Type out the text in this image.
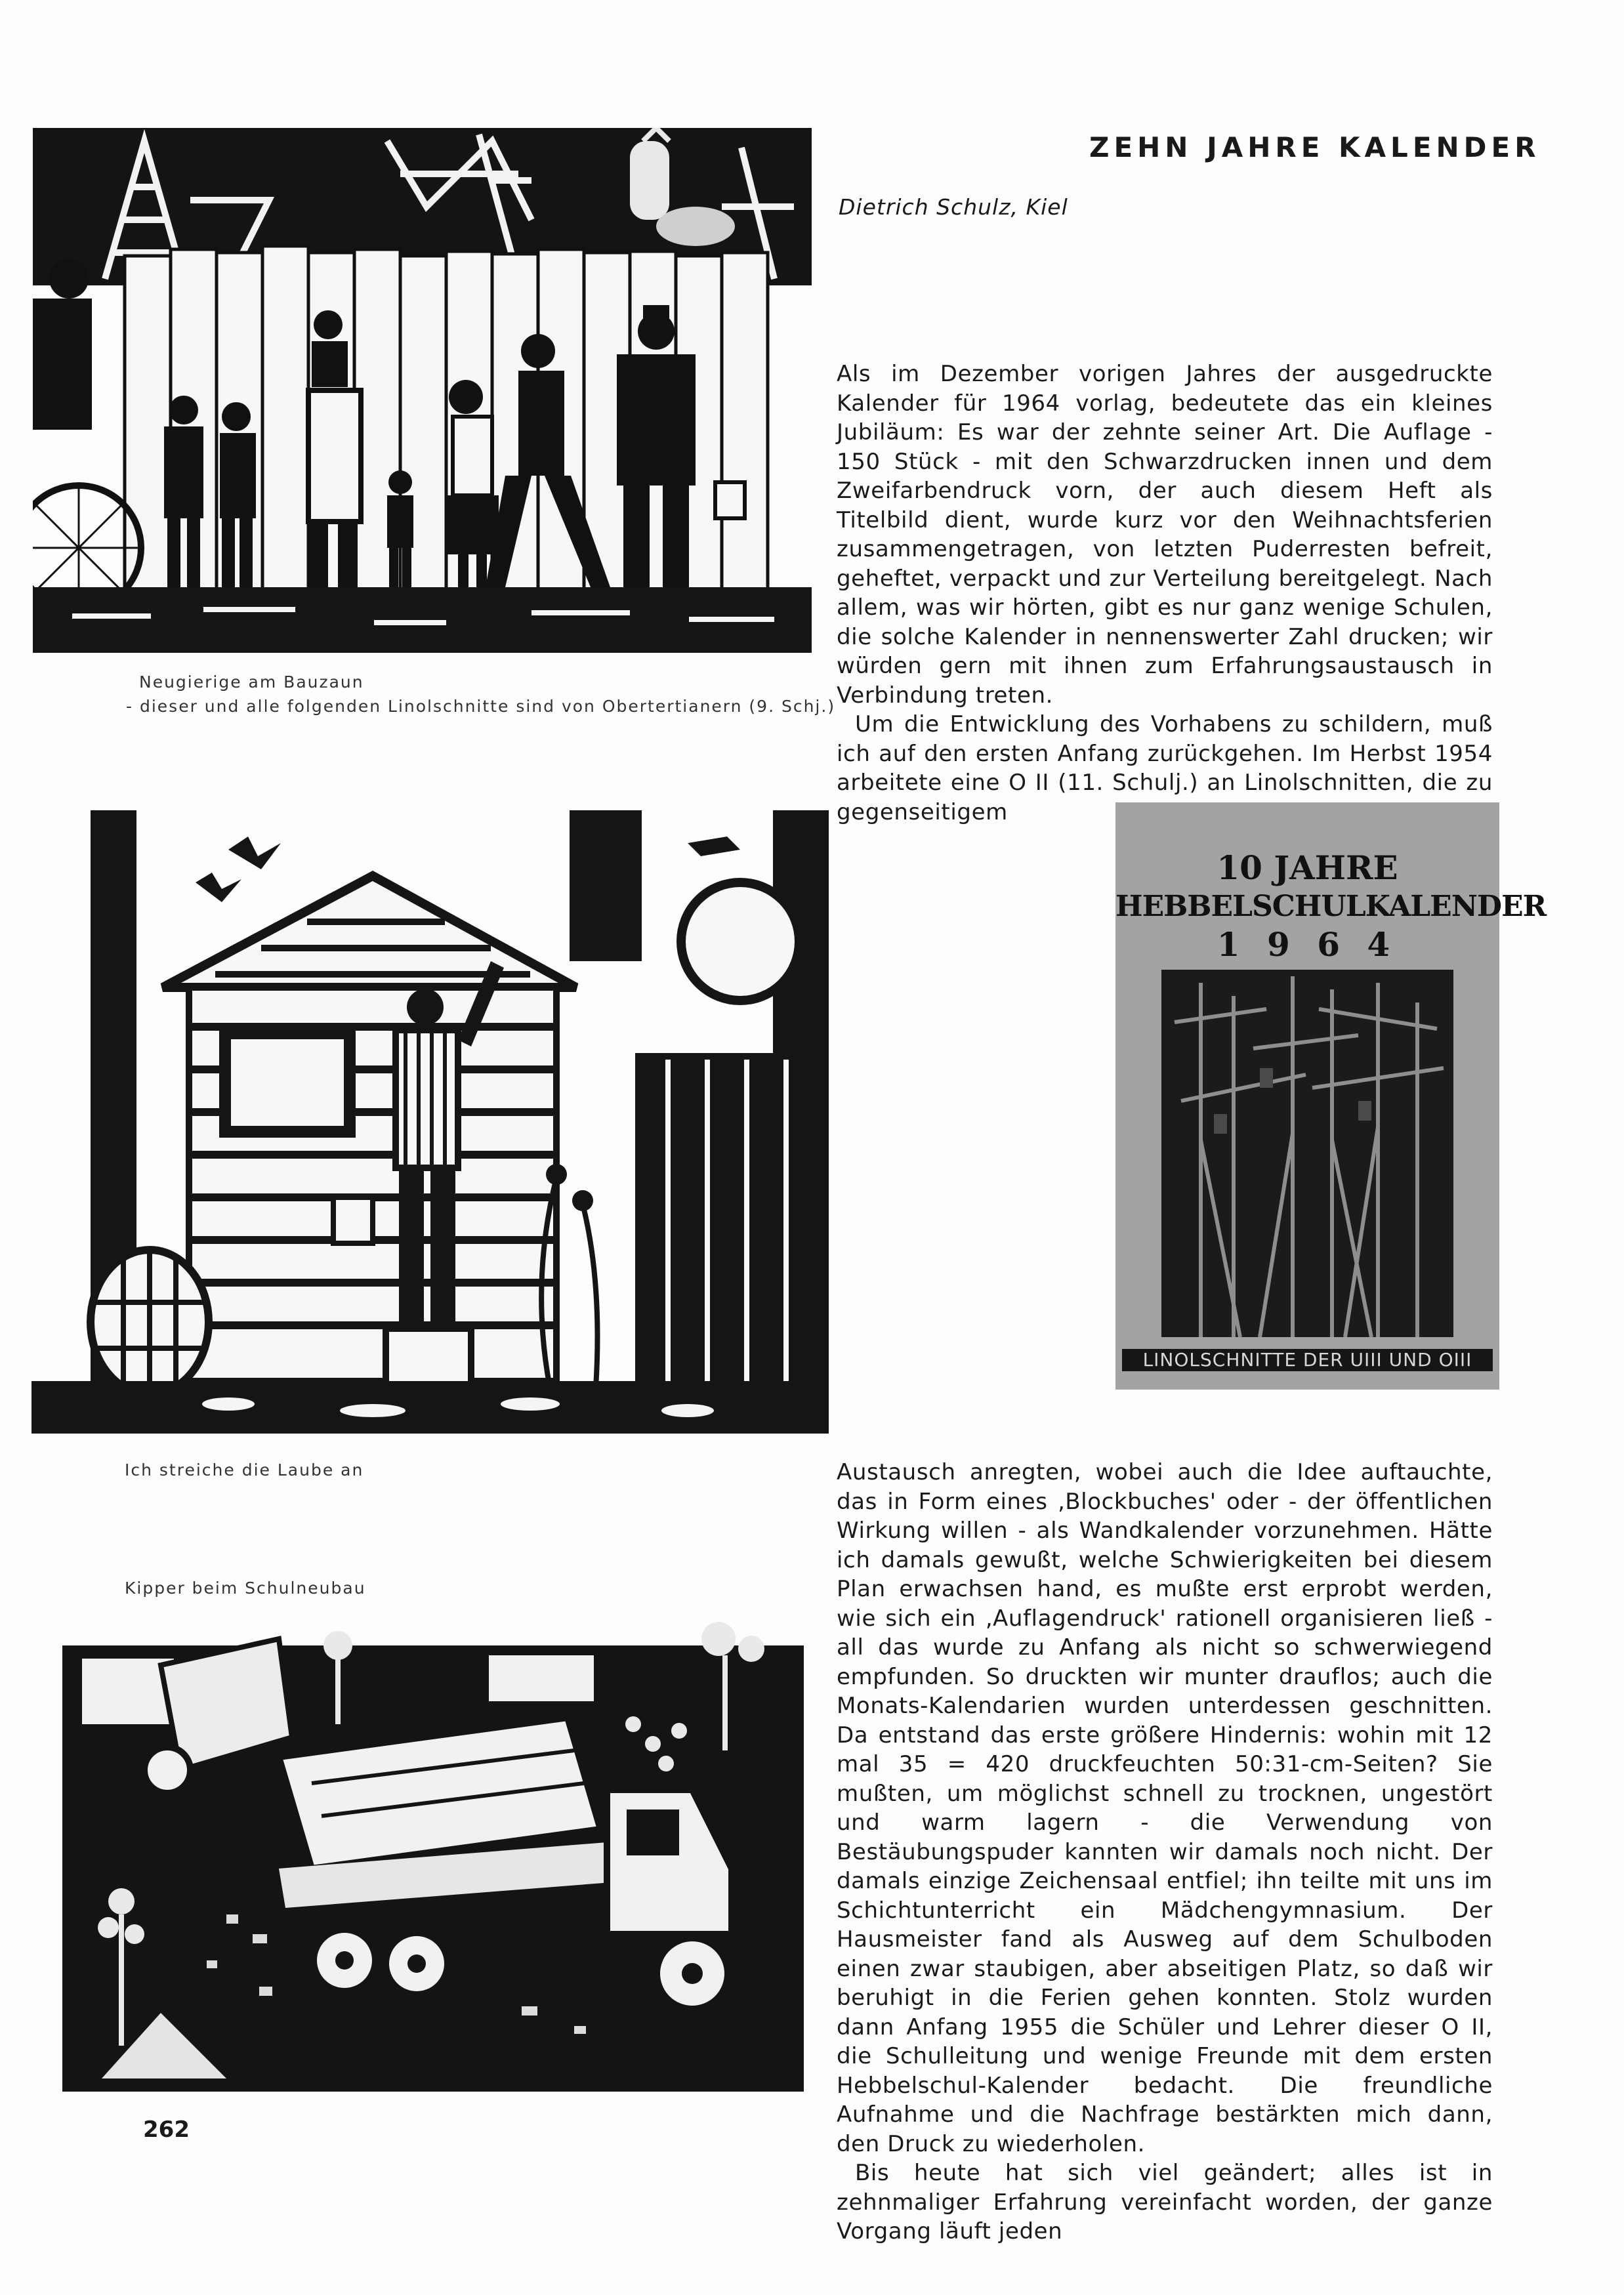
ZEHN JAHRE KALENDER
Dietrich Schulz, Kiel
Neugierige am Bauzaun
- dieser und alle folgenden Linolschnitte sind von Obertertianern (9. Schj.)

Als im Dezember vorigen Jahres der ausgedruckte Kalender für 1964 vorlag, bedeutete das ein kleines Jubiläum: Es war der zehnte seiner Art. Die Auflage - 150 Stück - mit den Schwarzdrucken innen und dem Zweifarbendruck vorn, der auch diesem Heft als Titelbild dient, wurde kurz vor den Weihnachtsferien zusammengetragen, von letzten Puderresten befreit, geheftet, verpackt und zur Verteilung bereitgelegt. Nach allem, was wir hörten, gibt es nur ganz wenige Schulen, die solche Kalender in nennenswerter Zahl drucken; wir würden gern mit ihnen zum Erfahrungsaustausch in Verbindung treten.

Um die Entwicklung des Vorhabens zu schildern, muß ich auf den ersten Anfang zurückgehen. Im Herbst 1954 arbeitete eine O II (11. Schulj.) an Linolschnitten, die zu gegenseitigem

10 JAHRE
HEBBELSCHULKALENDER
1 9 6 4
LINOLSCHNITTE DER UIII UND OIII
Ich streiche die Laube an
Kipper beim Schulneubau

Austausch anregten, wobei auch die Idee auftauchte, das in Form eines ‚Blockbuches' oder - der öffentlichen Wirkung willen - als Wandkalender vorzunehmen. Hätte ich damals gewußt, welche Schwierigkeiten bei diesem Plan erwachsen hand, es mußte erst erprobt werden, wie sich ein ‚Auflagendruck' rationell organisieren ließ - all das wurde zu Anfang als nicht so schwerwiegend empfunden. So druckten wir munter drauflos; auch die Monats-Kalendarien wurden unterdessen geschnitten. Da entstand das erste größere Hindernis: wohin mit 12 mal 35 = 420 druckfeuchten 50:31-cm-Seiten? Sie mußten, um möglichst schnell zu trocknen, ungestört und warm lagern - die Verwendung von Bestäubungspuder kannten wir damals noch nicht. Der damals einzige Zeichensaal entfiel; ihn teilte mit uns im Schichtunterricht ein Mädchengymnasium. Der Hausmeister fand als Ausweg auf dem Schulboden einen zwar staubigen, aber abseitigen Platz, so daß wir beruhigt in die Ferien gehen konnten. Stolz wurden dann Anfang 1955 die Schüler und Lehrer dieser O II, die Schulleitung und wenige Freunde mit dem ersten Hebbelschul-Kalender bedacht. Die freundliche Aufnahme und die Nachfrage bestärkten mich dann, den Druck zu wiederholen.

Bis heute hat sich viel geändert; alles ist in zehnmaliger Erfahrung vereinfacht worden, der ganze Vorgang läuft jeden

262
